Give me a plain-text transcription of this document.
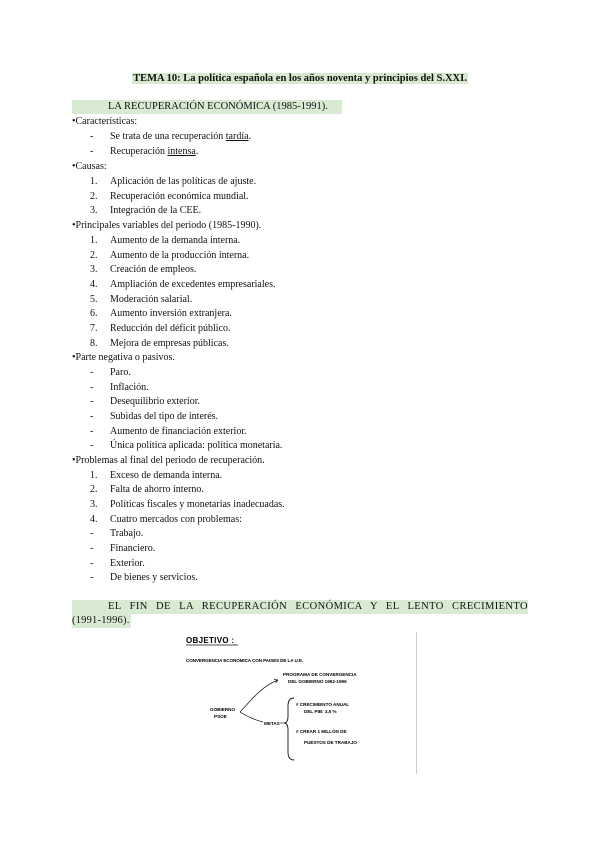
TEMA 10: La política española en los años noventa y principios del S.XXI.
LA RECUPERACIÓN ECONÓMICA (1985-1991).
•Características:
- Se trata de una recuperación tardía.
- Recuperación intensa.
•Causas:
1. Aplicación de las políticas de ajuste.
2. Recuperación económica mundial.
3. Integración de la CEE.
•Principales variables del periodo (1985-1990).
1. Aumento de la demanda interna.
2. Aumento de la producción interna.
3. Creación de empleos.
4. Ampliación de excedentes empresariales.
5. Moderación salarial.
6. Aumento inversión extranjera.
7. Reducción del déficit público.
8. Mejora de empresas públicas.
•Parte negativa o pasivos.
- Paro.
- Inflación.
- Desequilibrio exterior.
- Subidas del tipo de interés.
- Aumento de financiación exterior.
- Única política aplicada: política monetaria.
•Problemas al final del periodo de recuperación.
1. Exceso de demanda interna.
2. Falta de ahorro interno.
3. Políticas fiscales y monetarias inadecuadas.
4. Cuatro mercados con problemas:
- Trabajo.
- Financiero.
- Exterior.
- De bienes y servicios.
EL FIN DE LA RECUPERACIÓN ECONÓMICA Y EL LENTO CRECIMIENTO
(1991-1996).
OBJETIVO :
CONVERGENCIA ECONOMICA CON PAISES DE LA U.E.
GOBIERNO
PSOE
PROGRAMA DE CONVERGENCIA
DEL GOBIERNO 1992-1996
METAS
# CRECIMIENTO ANUAL
DEL PIB: 3,5 %
# CREAR 1 MILLÓN DE
PUESTOS DE TRABAJO
